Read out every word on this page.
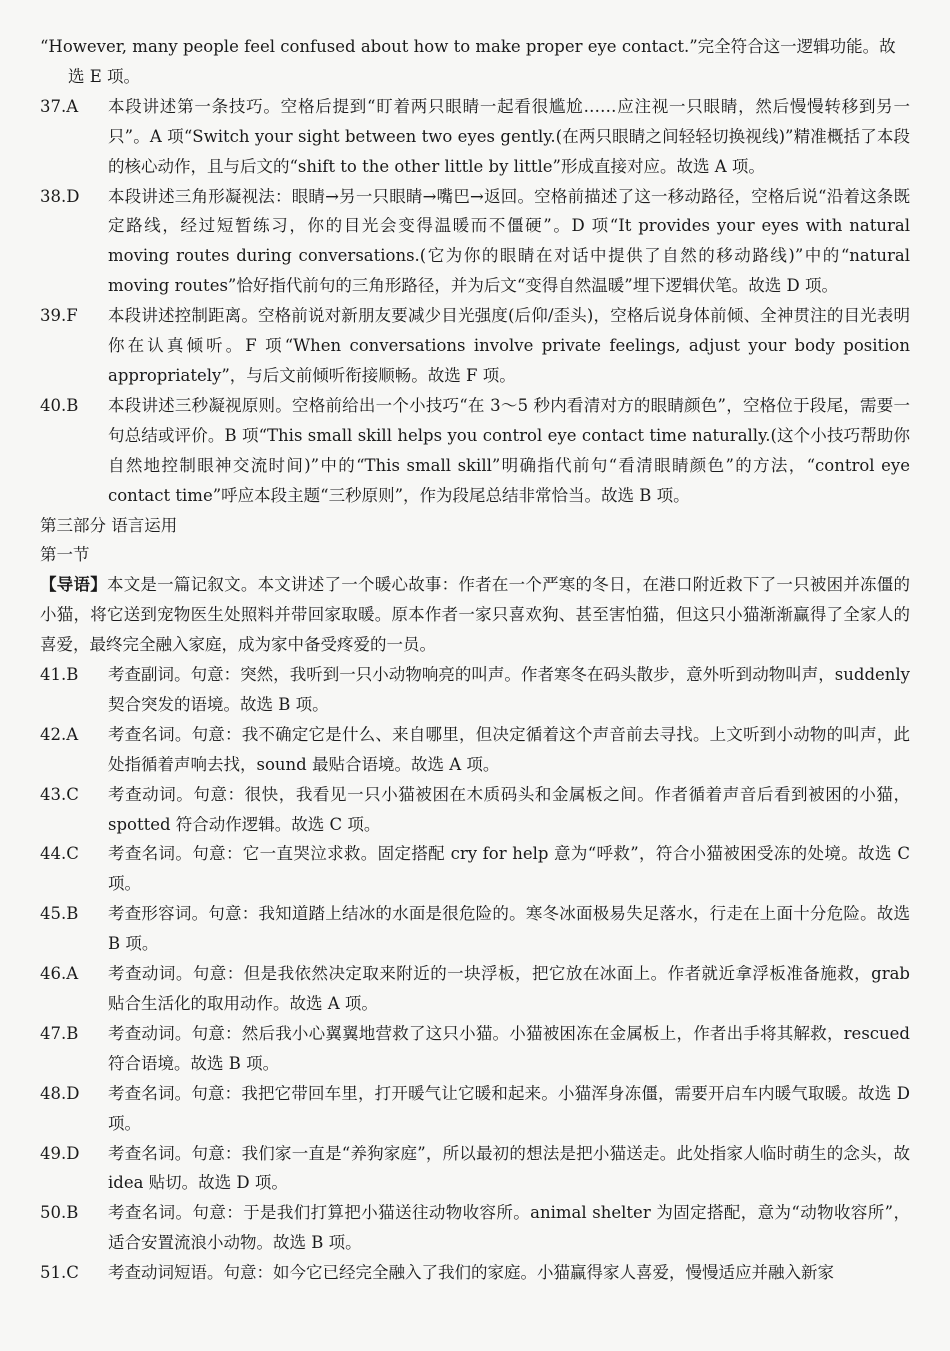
“However, many people feel confused about how to make proper eye contact.”完全符合这一逻辑功能。故

选 E 项。

37.A	本段讲述第一条技巧。空格后提到“盯着两只眼睛一起看很尴尬……应注视一只眼睛，然后慢慢转移到另一只”。A 项“Switch your sight between two eyes gently.(在两只眼睛之间轻轻切换视线)”精准概括了本段的核心动作，且与后文的“shift to the other little by little”形成直接对应。故选 A 项。
38.D	本段讲述三角形凝视法：眼睛→另一只眼睛→嘴巴→返回。空格前描述了这一移动路径，空格后说“沿着这条既定路线，经过短暂练习，你的目光会变得温暖而不僵硬”。D 项“It provides your eyes with natural moving routes during conversations.(它为你的眼睛在对话中提供了自然的移动路线)”中的“natural moving routes”恰好指代前句的三角形路径，并为后文“变得自然温暖”埋下逻辑伏笔。故选 D 项。
39.F	本段讲述控制距离。空格前说对新朋友要减少目光强度(后仰/歪头)，空格后说身体前倾、全神贯注的目光表明你在认真倾听。F 项“When conversations involve private feelings, adjust your body position appropriately”，与后文前倾听衔接顺畅。故选 F 项。
40.B	本段讲述三秒凝视原则。空格前给出一个小技巧“在 3～5 秒内看清对方的眼睛颜色”，空格位于段尾，需要一句总结或评价。B 项“This small skill helps you control eye contact time naturally.(这个小技巧帮助你自然地控制眼神交流时间)”中的“This small skill”明确指代前句“看清眼睛颜色”的方法，“control eye contact time”呼应本段主题“三秒原则”，作为段尾总结非常恰当。故选 B 项。

第三部分 语言运用

第一节

【导语】本文是一篇记叙文。本文讲述了一个暖心故事：作者在一个严寒的冬日，在港口附近救下了一只被困并冻僵的小猫，将它送到宠物医生处照料并带回家取暖。原本作者一家只喜欢狗、甚至害怕猫，但这只小猫渐渐赢得了全家人的喜爱，最终完全融入家庭，成为家中备受疼爱的一员。

41.B	考查副词。句意：突然，我听到一只小动物响亮的叫声。作者寒冬在码头散步，意外听到动物叫声，suddenly 契合突发的语境。故选 B 项。
42.A	考查名词。句意：我不确定它是什么、来自哪里，但决定循着这个声音前去寻找。上文听到小动物的叫声，此处指循着声响去找，sound 最贴合语境。故选 A 项。
43.C	考查动词。句意：很快，我看见一只小猫被困在木质码头和金属板之间。作者循着声音后看到被困的小猫，spotted 符合动作逻辑。故选 C 项。
44.C	考查名词。句意：它一直哭泣求救。固定搭配 cry for help 意为“呼救”，符合小猫被困受冻的处境。故选 C 项。
45.B	考查形容词。句意：我知道踏上结冰的水面是很危险的。寒冬冰面极易失足落水，行走在上面十分危险。故选 B 项。
46.A	考查动词。句意：但是我依然决定取来附近的一块浮板，把它放在冰面上。作者就近拿浮板准备施救，grab 贴合生活化的取用动作。故选 A 项。
47.B	考查动词。句意：然后我小心翼翼地营救了这只小猫。小猫被困冻在金属板上，作者出手将其解救，rescued 符合语境。故选 B 项。
48.D	考查名词。句意：我把它带回车里，打开暖气让它暖和起来。小猫浑身冻僵，需要开启车内暖气取暖。故选 D 项。
49.D	考查名词。句意：我们家一直是“养狗家庭”，所以最初的想法是把小猫送走。此处指家人临时萌生的念头，故 idea 贴切。故选 D 项。
50.B	考查名词。句意：于是我们打算把小猫送往动物收容所。animal shelter 为固定搭配，意为“动物收容所”，适合安置流浪小动物。故选 B 项。
51.C	考查动词短语。句意：如今它已经完全融入了我们的家庭。小猫赢得家人喜爱，慢慢适应并融入新家
